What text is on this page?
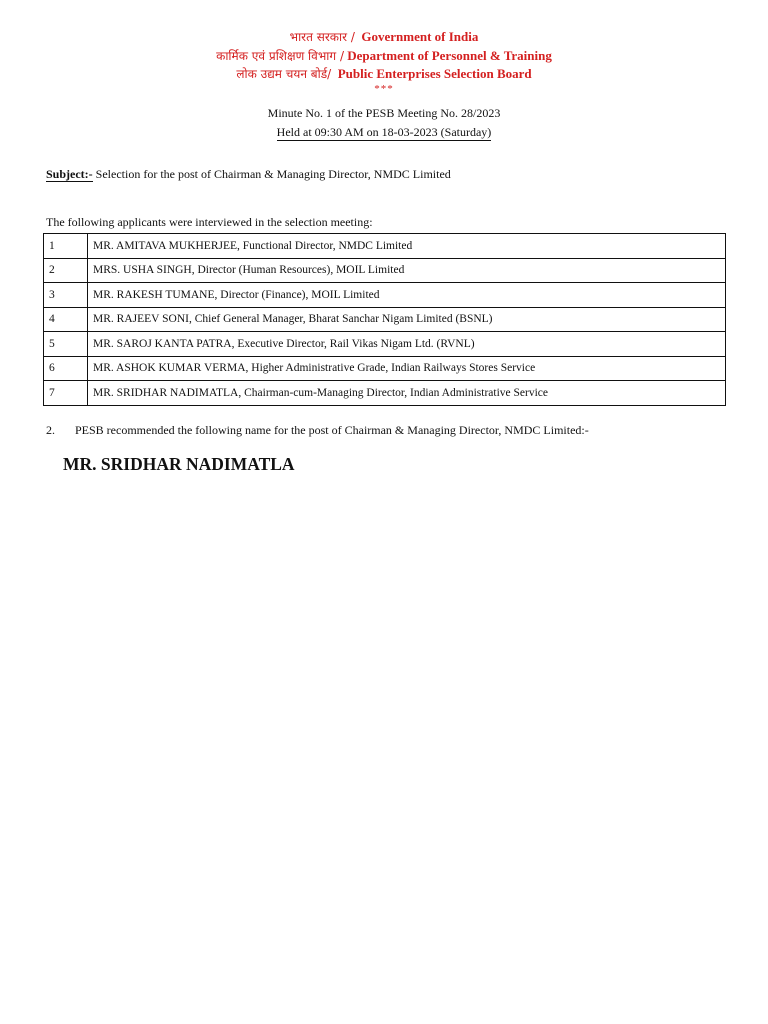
भारत सरकार / Government of India
कार्मिक एवं प्रशिक्षण विभाग / Department of Personnel & Training
लोक उद्यम चयन बोर्ड/ Public Enterprises Selection Board
***
Minute No. 1 of the PESB Meeting No. 28/2023
Held at 09:30 AM on 18-03-2023 (Saturday)
Subject:- Selection for the post of Chairman & Managing Director, NMDC Limited
The following applicants were interviewed in the selection meeting:
1	MR. AMITAVA MUKHERJEE, Functional Director, NMDC Limited
2	MRS. USHA SINGH, Director (Human Resources), MOIL Limited
3	MR. RAKESH TUMANE, Director (Finance), MOIL Limited
4	MR. RAJEEV SONI, Chief General Manager, Bharat Sanchar Nigam Limited (BSNL)
5	MR. SAROJ KANTA PATRA, Executive Director, Rail Vikas Nigam Ltd. (RVNL)
6	MR. ASHOK KUMAR VERMA, Higher Administrative Grade, Indian Railways Stores Service
7	MR. SRIDHAR NADIMATLA, Chairman-cum-Managing Director, Indian Administrative Service
2. PESB recommended the following name for the post of Chairman & Managing Director, NMDC Limited:-
MR. SRIDHAR NADIMATLA
